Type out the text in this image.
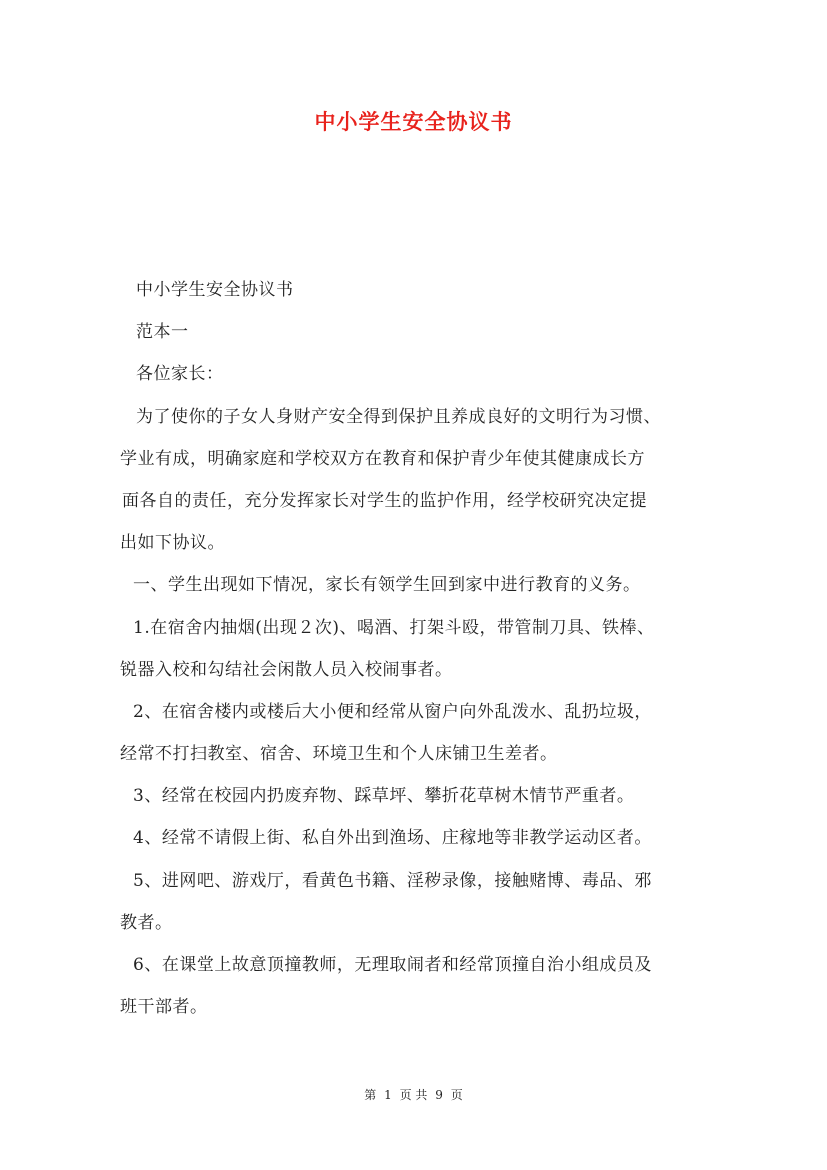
中小学生安全协议书
中小学生安全协议书
范本一
各位家长：
为了使你的子女人身财产安全得到保护且养成良好的文明行为习惯、
学业有成，明确家庭和学校双方在教育和保护青少年使其健康成长方
面各自的责任，充分发挥家长对学生的监护作用，经学校研究决定提
出如下协议。
一、学生出现如下情况，家长有领学生回到家中进行教育的义务。
1.在宿舍内抽烟(出现２次)、喝酒、打架斗殴，带管制刀具、铁棒、
锐器入校和勾结社会闲散人员入校闹事者。
2、在宿舍楼内或楼后大小便和经常从窗户向外乱泼水、乱扔垃圾，
经常不打扫教室、宿舍、环境卫生和个人床铺卫生差者。
3、经常在校园内扔废弃物、踩草坪、攀折花草树木情节严重者。
4、经常不请假上街、私自外出到渔场、庄稼地等非教学运动区者。
5、进网吧、游戏厅，看黄色书籍、淫秽录像，接触赌博、毒品、邪
教者。
6、在课堂上故意顶撞教师，无理取闹者和经常顶撞自治小组成员及
班干部者。
第 1 页 共 9 页
